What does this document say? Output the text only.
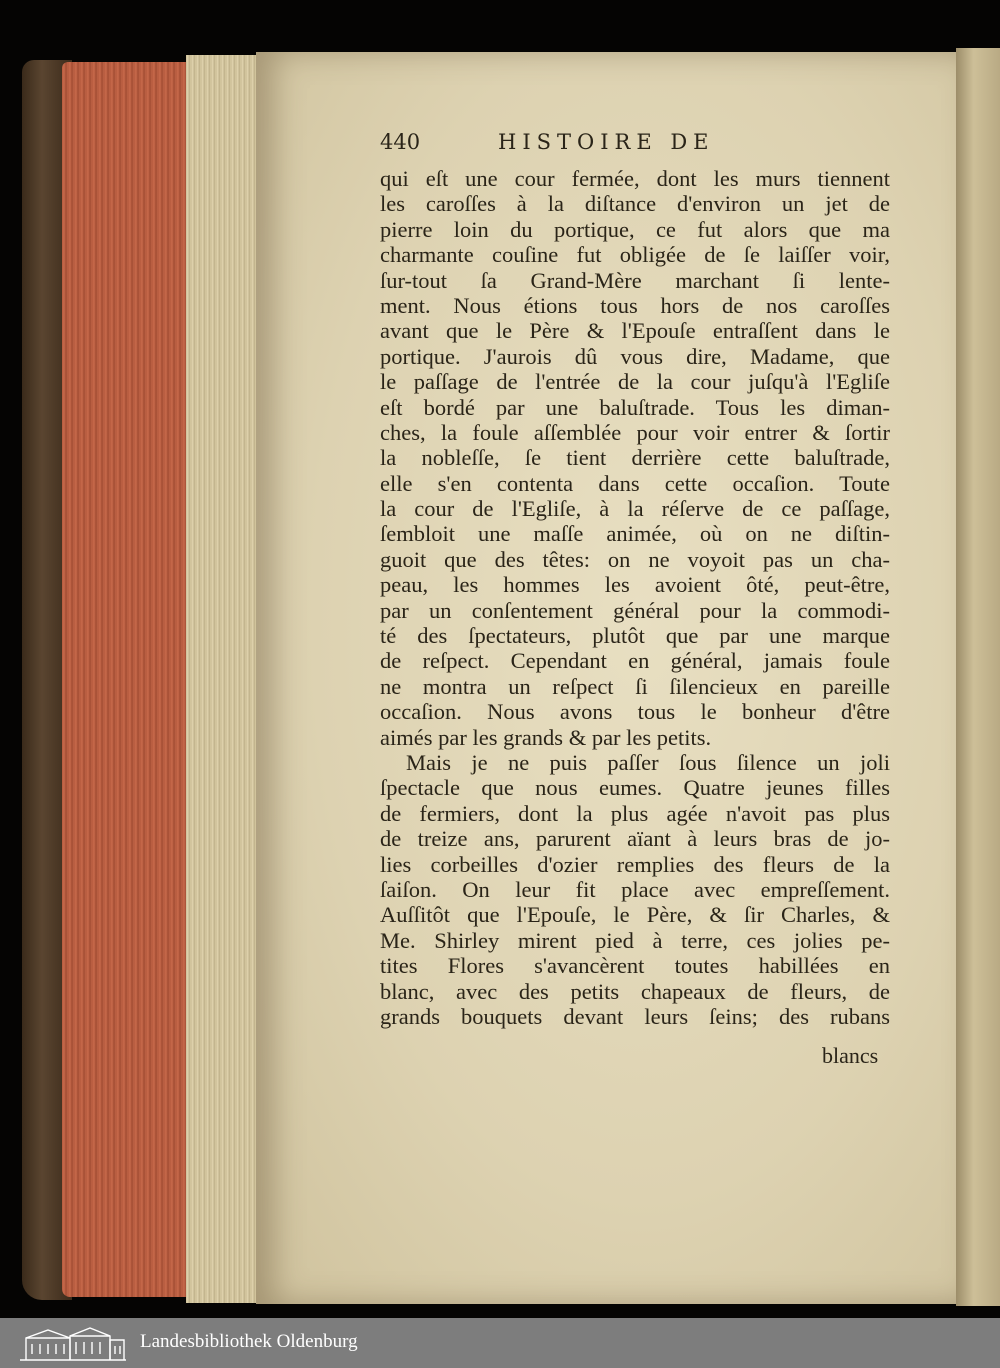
440	HISTOIRE DE
qui eſt une cour fermée, dont les murs tiennent
les caroſſes à la diſtance d'environ un jet de
pierre loin du portique, ce fut alors que ma
charmante couſine fut obligée de ſe laiſſer voir,
ſur-tout ſa Grand-Mère marchant ſi lente-
ment. Nous étions tous hors de nos caroſſes
avant que le Père & l'Epouſe entraſſent dans le
portique. J'aurois dû vous dire, Madame, que
le paſſage de l'entrée de la cour juſqu'à l'Egliſe
eſt bordé par une baluſtrade. Tous les diman-
ches, la foule aſſemblée pour voir entrer & ſortir
la nobleſſe, ſe tient derrière cette baluſtrade,
elle s'en contenta dans cette occaſion. Toute
la cour de l'Egliſe, à la réſerve de ce paſſage,
ſembloit une maſſe animée, où on ne diſtin-
guoit que des têtes: on ne voyoit pas un cha-
peau, les hommes les avoient ôté, peut-être,
par un conſentement général pour la commodi-
té des ſpectateurs, plutôt que par une marque
de reſpect. Cependant en général, jamais foule
ne montra un reſpect ſi ſilencieux en pareille
occaſion. Nous avons tous le bonheur d'être
aimés par les grands & par les petits.
Mais je ne puis paſſer ſous ſilence un joli
ſpectacle que nous eumes. Quatre jeunes filles
de fermiers, dont la plus agée n'avoit pas plus
de treize ans, parurent aïant à leurs bras de jo-
lies corbeilles d'ozier remplies des fleurs de la
ſaiſon. On leur fit place avec empreſſement.
Auſſitôt que l'Epouſe, le Père, & ſir Charles, &
Me. Shirley mirent pied à terre, ces jolies pe-
tites Flores s'avancèrent toutes habillées en
blanc, avec des petits chapeaux de fleurs, de
grands bouquets devant leurs ſeins; des rubans
blancs
Landesbibliothek Oldenburg
